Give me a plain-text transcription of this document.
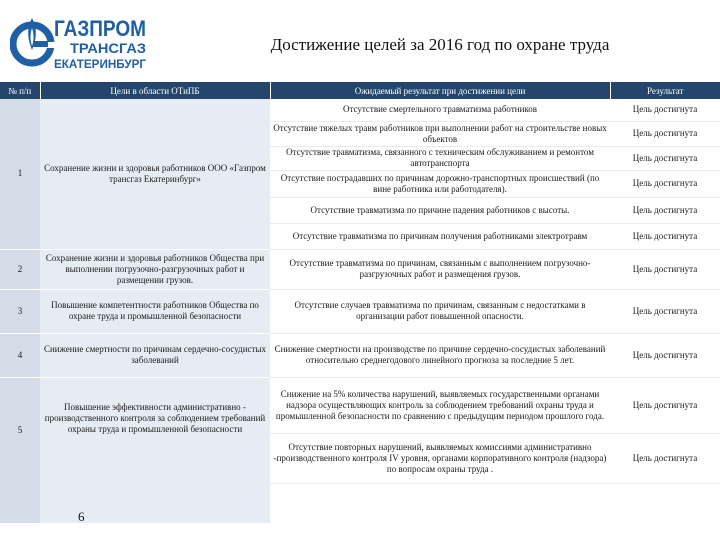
ГАЗПРОМ
ТРАНСГАЗ
ЕКАТЕРИНБУРГ
Достижение целей за 2016 год по охране труда
№ п/п	Цели в области ОТиПБ	Ожидаемый результат при достижении цели	Результат
1	Сохранение жизни и здоровья работников ООО «Газпром трансгаз Екатеринбург»	Отсутствие смертельного травматизма работников	Цель достигнута
		Отсутствие тяжелых травм работников при выполнении работ на строительстве новых объектов	Цель достигнута
		Отсутствие травматизма, связанного с техническим обслуживанием и ремонтом автотранспорта	Цель достигнута
		Отсутствие пострадавших по причинам дорожно-транспортных происшествий (по вине работника или работодателя).	Цель достигнута
		Отсутствие травматизма по причине падения работников с высоты.	Цель достигнута
		Отсутствие травматизма по причинам получения работниками электротравм	Цель достигнута
2	Сохранение жизни и здоровья работников Общества при выполнении погрузочно-разгрузочных работ и размещении грузов.	Отсутствие травматизма по причинам, связанным с выполнением погрузочно-разгрузочных работ и размещения грузов.	Цель достигнута
3	Повышение компетентности работников Общества по охране труда и промышленной безопасности	Отсутствие случаев травматизма по причинам, связанным с недостатками в организации работ повышенной опасности.	Цель достигнута
4	Снижение смертности по причинам сердечно-сосудистых заболеваний	Снижение смертности на производстве по причине сердечно-сосудистых заболеваний относительно среднегодового линейного прогноза за последние 5 лет.	Цель достигнута
5	Повышение эффективности административно - производственного контроля за соблюдением требований охраны труда и промышленной безопасности	Снижение на 5% количества нарушений, выявляемых государственными органами надзора осуществляющих контроль за соблюдением требований охраны труда и промышленной безопасности по сравнению с предыдущим периодом прошлого года.	Цель достигнута
		Отсутствие повторных нарушений, выявляемых комиссиями административно -производственного контроля IV уровня, органами корпоративного контроля (надзора) по вопросам охраны труда .	Цель достигнута

6
